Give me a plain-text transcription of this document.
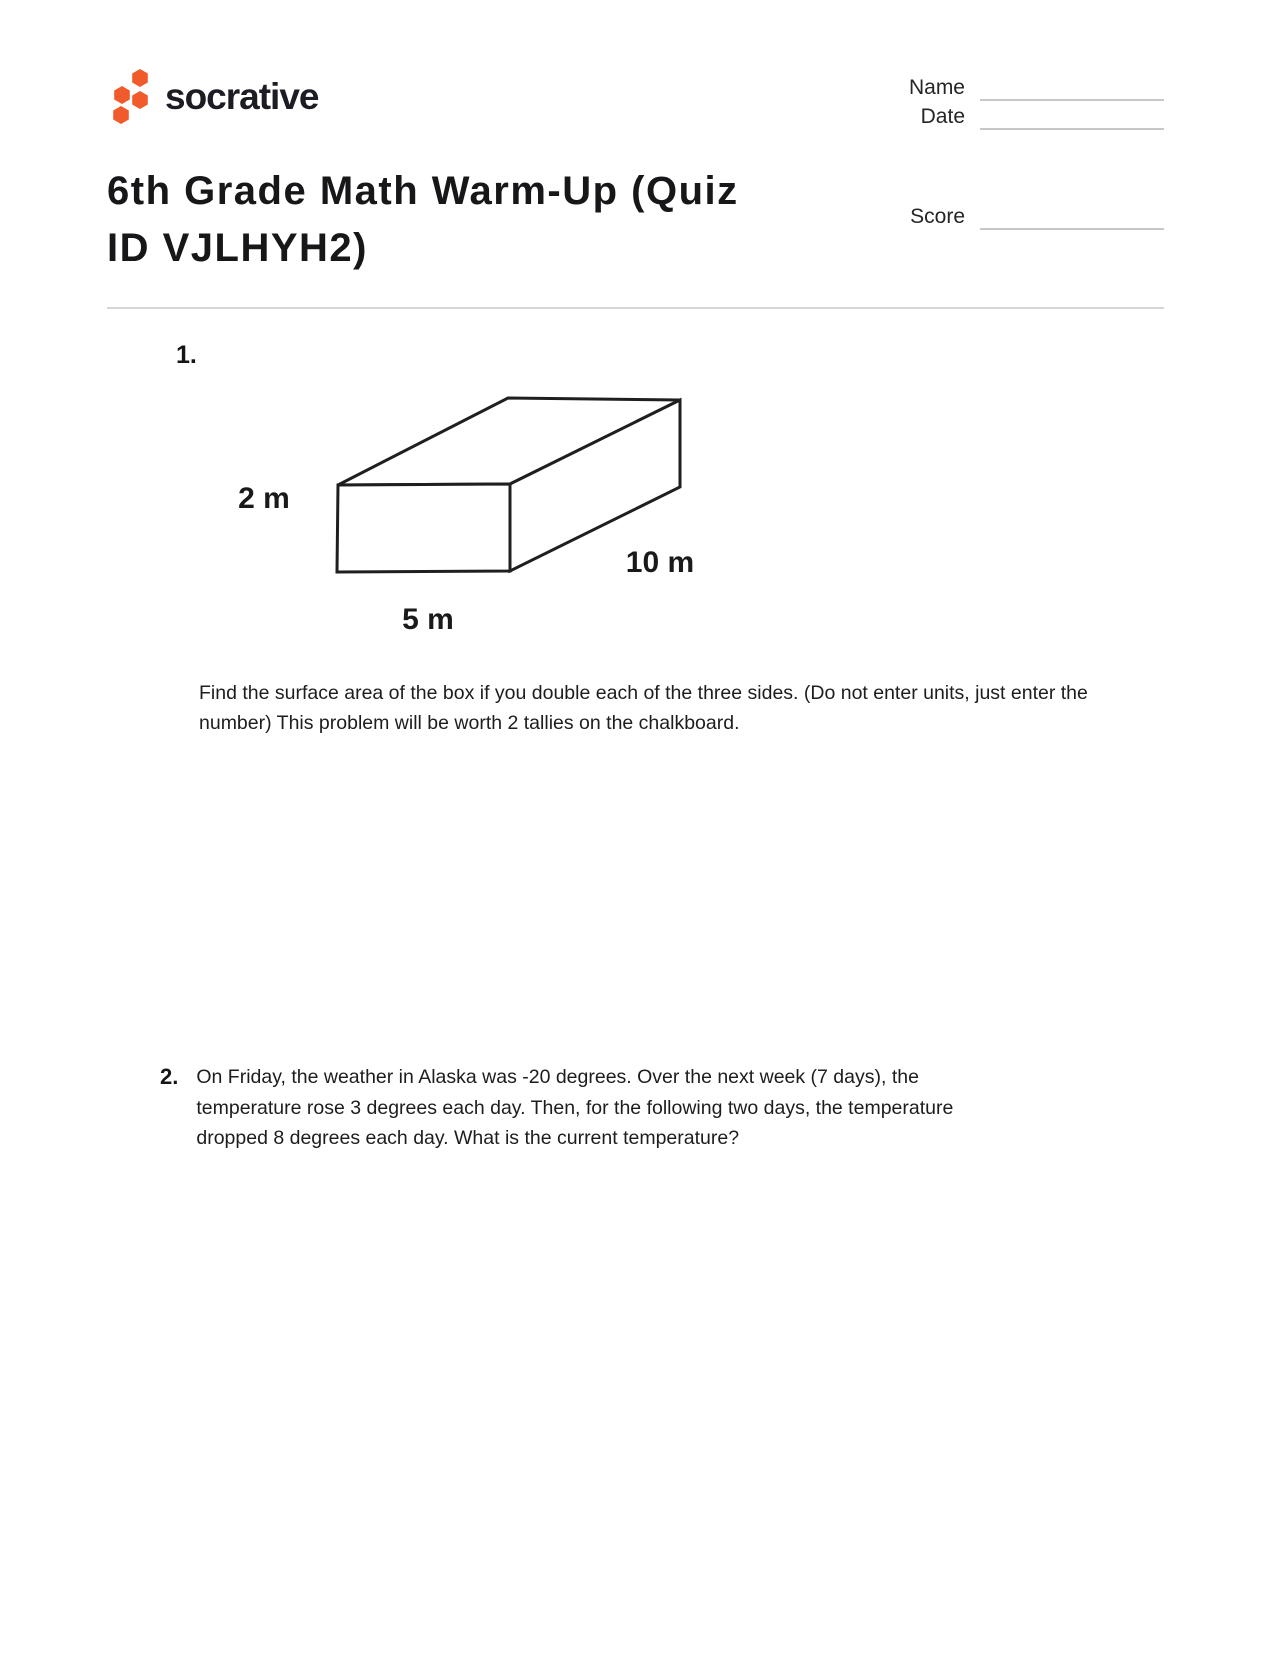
socrative	Name
Date
6th Grade Math Warm-Up (Quiz
ID VJLHYH2)
Score
1.
2 m
5 m
10 m
Find the surface area of the box if you double each of the three sides. (Do not enter units, just enter the number) This problem will be worth 2 tallies on the chalkboard.
2. On Friday, the weather in Alaska was -20 degrees. Over the next week (7 days), the temperature rose 3 degrees each day. Then, for the following two days, the temperature dropped 8 degrees each day. What is the current temperature?
